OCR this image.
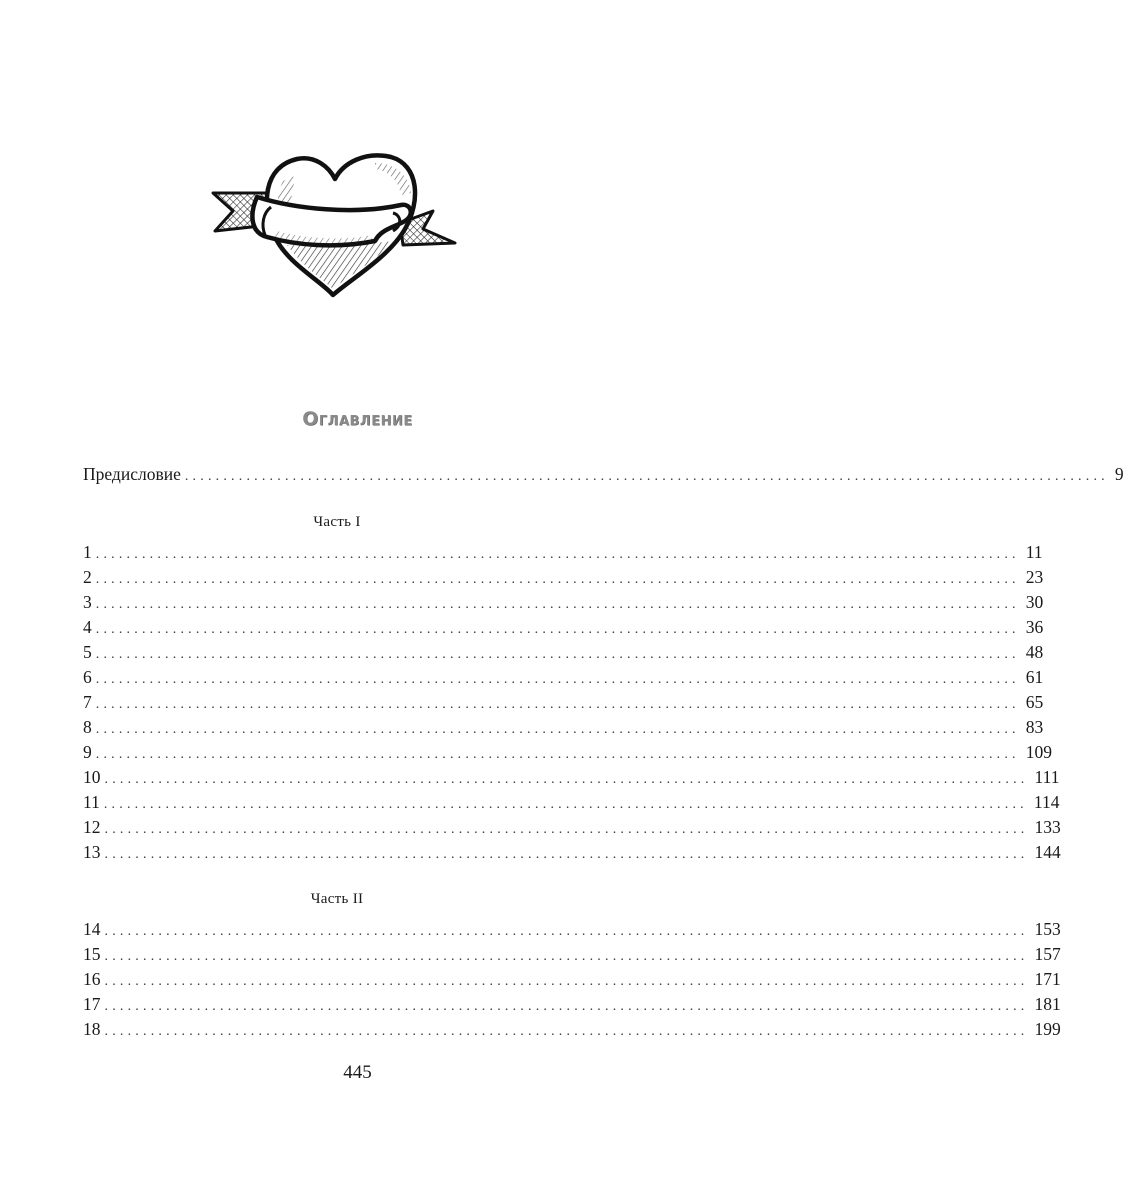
Оглавление
Предисловие ........................................................................................................................ 9
Часть I
1 ........................................................................................................................ 11
2 ........................................................................................................................ 23
3 ........................................................................................................................ 30
4 ........................................................................................................................ 36
5 ........................................................................................................................ 48
6 ........................................................................................................................ 61
7 ........................................................................................................................ 65
8 ........................................................................................................................ 83
9 ........................................................................................................................ 109
10 ........................................................................................................................ 111
11 ........................................................................................................................ 114
12 ........................................................................................................................ 133
13 ........................................................................................................................ 144
Часть II
14 ........................................................................................................................ 153
15 ........................................................................................................................ 157
16 ........................................................................................................................ 171
17 ........................................................................................................................ 181
18 ........................................................................................................................ 199
445
